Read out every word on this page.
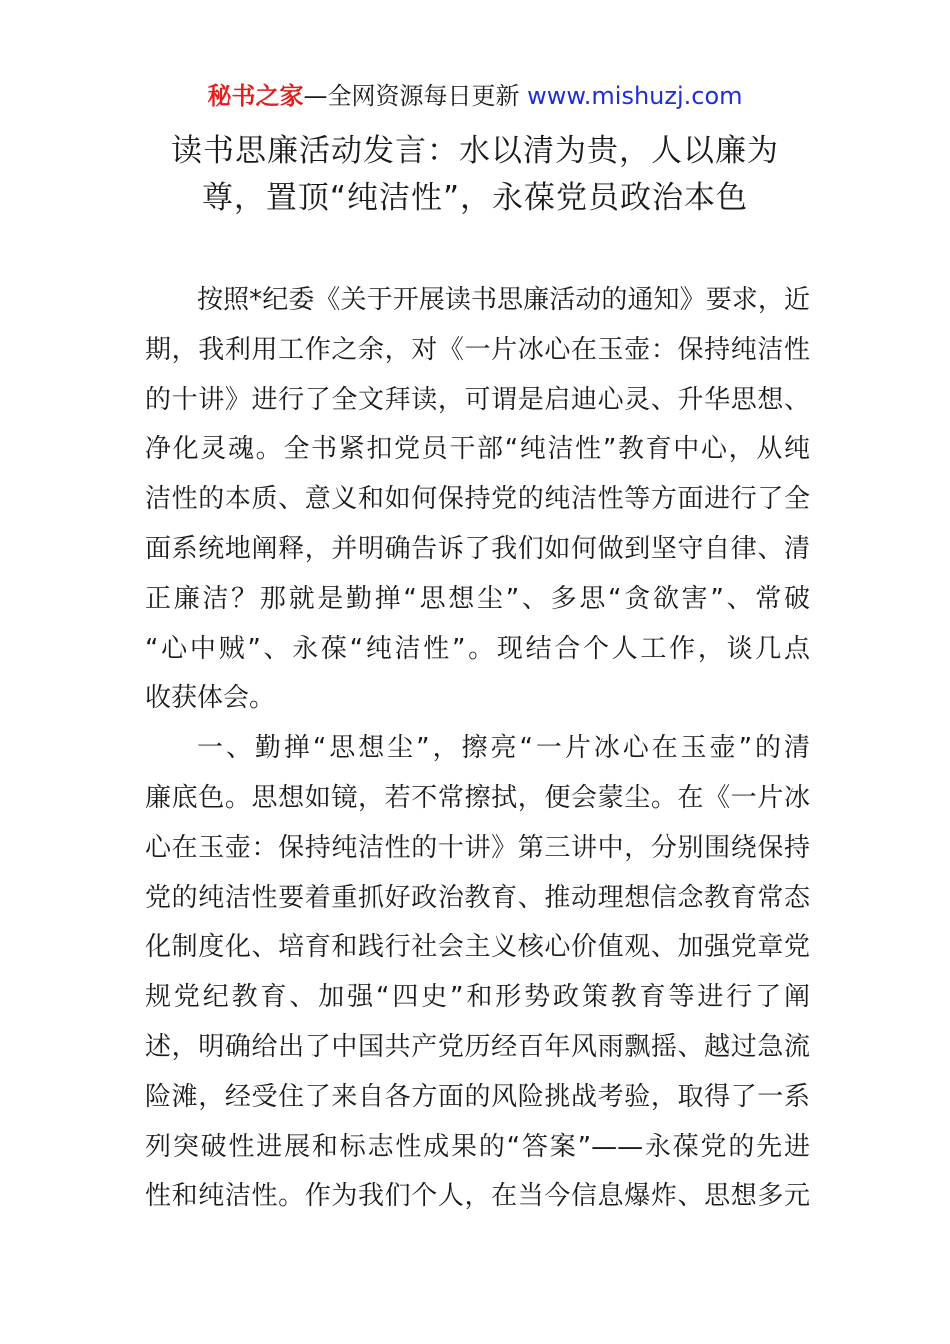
秘书之家—全网资源每日更新 www.mishuzj.com
读书思廉活动发言：水以清为贵，人以廉为
尊，置顶“纯洁性”，永葆党员政治本色
按照*纪委《关于开展读书思廉活动的通知》要求，近
期，我利用工作之余，对《一片冰心在玉壶：保持纯洁性
的十讲》进行了全文拜读，可谓是启迪心灵、升华思想、
净化灵魂。全书紧扣党员干部“纯洁性”教育中心，从纯
洁性的本质、意义和如何保持党的纯洁性等方面进行了全
面系统地阐释，并明确告诉了我们如何做到坚守自律、清
正廉洁？那就是勤掸“思想尘”、多思“贪欲害”、常破
“心中贼”、永葆“纯洁性”。现结合个人工作，谈几点
收获体会。
一、勤掸“思想尘”，擦亮“一片冰心在玉壶”的清
廉底色。思想如镜，若不常擦拭，便会蒙尘。在《一片冰
心在玉壶：保持纯洁性的十讲》第三讲中，分别围绕保持
党的纯洁性要着重抓好政治教育、推动理想信念教育常态
化制度化、培育和践行社会主义核心价值观、加强党章党
规党纪教育、加强“四史”和形势政策教育等进行了阐
述，明确给出了中国共产党历经百年风雨飘摇、越过急流
险滩，经受住了来自各方面的风险挑战考验，取得了一系
列突破性进展和标志性成果的“答案”——永葆党的先进
性和纯洁性。作为我们个人，在当今信息爆炸、思想多元
